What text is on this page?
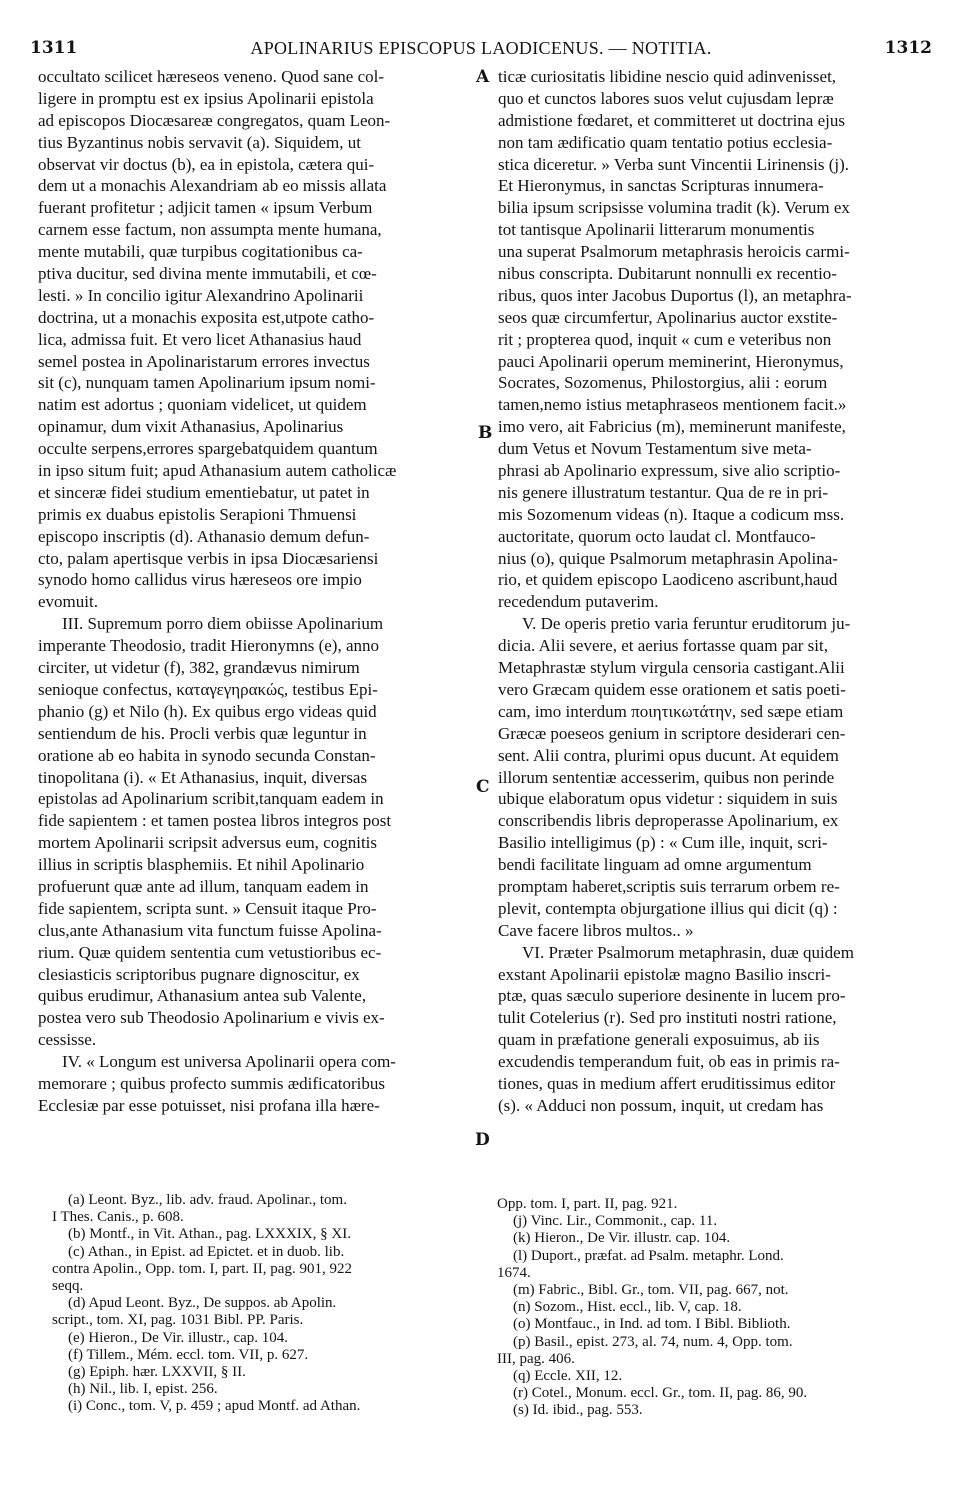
1311	APOLINARIUS EPISCOPUS LAODICENUS. — NOTITIA.	1312
A
B
C
D
occultato scilicet hæreseos veneno. Quod sane col-
ligere in promptu est ex ipsius Apolinarii epistola
ad episcopos Diocæsareæ congregatos, quam Leon-
tius Byzantinus nobis servavit (a). Siquidem, ut
observat vir doctus (b), ea in epistola, cætera qui-
dem ut a monachis Alexandriam ab eo missis allata
fuerant profitetur ; adjicit tamen « ipsum Verbum
carnem esse factum, non assumpta mente humana,
mente mutabili, quæ turpibus cogitationibus ca-
ptiva ducitur, sed divina mente immutabili, et cœ-
lesti. » In concilio igitur Alexandrino Apolinarii
doctrina, ut a monachis exposita est,utpote catho-
lica, admissa fuit. Et vero licet Athanasius haud
semel postea in Apolinaristarum errores invectus
sit (c), nunquam tamen Apolinarium ipsum nomi-
natim est adortus ; quoniam videlicet, ut quidem
opinamur, dum vixit Athanasius, Apolinarius
occulte serpens,errores spargebatquidem quantum
in ipso situm fuit; apud Athanasium autem catholicæ
et sinceræ fidei studium ementiebatur, ut patet in
primis ex duabus epistolis Serapioni Thmuensi
episcopo inscriptis (d). Athanasio demum defun-
cto, palam apertisque verbis in ipsa Diocæsariensi
synodo homo callidus virus hæreseos ore impio
evomuit.
III. Supremum porro diem obiisse Apolinarium
imperante Theodosio, tradit Hieronymns (e), anno
circiter, ut videtur (f), 382, grandævus nimirum
senioque confectus, καταγεγηρακώς, testibus Epi-
phanio (g) et Nilo (h). Ex quibus ergo videas quid
sentiendum de his. Procli verbis quæ leguntur in
oratione ab eo habita in synodo secunda Constan-
tinopolitana (i). « Et Athanasius, inquit, diversas
epistolas ad Apolinarium scribit,tanquam eadem in
fide sapientem : et tamen postea libros integros post
mortem Apolinarii scripsit adversus eum, cognitis
illius in scriptis blasphemiis. Et nihil Apolinario
profuerunt quæ ante ad illum, tanquam eadem in
fide sapientem, scripta sunt. » Censuit itaque Pro-
clus,ante Athanasium vita functum fuisse Apolina-
rium. Quæ quidem sententia cum vetustioribus ec-
clesiasticis scriptoribus pugnare dignoscitur, ex
quibus erudimur, Athanasium antea sub Valente,
postea vero sub Theodosio Apolinarium e vivis ex-
cessisse.
IV. « Longum est universa Apolinarii opera com-
memorare ; quibus profecto summis ædificatoribus
Ecclesiæ par esse potuisset, nisi profana illa hære-
ticæ curiositatis libidine nescio quid adinvenisset,
quo et cunctos labores suos velut cujusdam lepræ
admistione fœdaret, et committeret ut doctrina ejus
non tam ædificatio quam tentatio potius ecclesia-
stica diceretur. » Verba sunt Vincentii Lirinensis (j).
Et Hieronymus, in sanctas Scripturas innumera-
bilia ipsum scripsisse volumina tradit (k). Verum ex
tot tantisque Apolinarii litterarum monumentis
una superat Psalmorum metaphrasis heroicis carmi-
nibus conscripta. Dubitarunt nonnulli ex recentio-
ribus, quos inter Jacobus Duportus (l), an metaphra-
seos quæ circumfertur, Apolinarius auctor exstite-
rit ; propterea quod, inquit « cum e veteribus non
pauci Apolinarii operum meminerint, Hieronymus,
Socrates, Sozomenus, Philostorgius, alii : eorum
tamen,nemo istius metaphraseos mentionem facit.»
imo vero, ait Fabricius (m), meminerunt manifeste,
dum Vetus et Novum Testamentum sive meta-
phrasi ab Apolinario expressum, sive alio scriptio-
nis genere illustratum testantur. Qua de re in pri-
mis Sozomenum videas (n). Itaque a codicum mss.
auctoritate, quorum octo laudat cl. Montfauco-
nius (o), quique Psalmorum metaphrasin Apolina-
rio, et quidem episcopo Laodiceno ascribunt,haud
recedendum putaverim.
V. De operis pretio varia feruntur eruditorum ju-
dicia. Alii severe, et aerius fortasse quam par sit,
Metaphrastæ stylum virgula censoria castigant.Alii
vero Græcam quidem esse orationem et satis poeti-
cam, imo interdum ποιητικωτάτην, sed sæpe etiam
Græcæ poeseos genium in scriptore desiderari cen-
sent. Alii contra, plurimi opus ducunt. At equidem
illorum sententiæ accesserim, quibus non perinde
ubique elaboratum opus videtur : siquidem in suis
conscribendis libris deproperasse Apolinarium, ex
Basilio intelligimus (p) : « Cum ille, inquit, scri-
bendi facilitate linguam ad omne argumentum
promptam haberet,scriptis suis terrarum orbem re-
plevit, contempta objurgatione illius qui dicit (q) :
Cave facere libros multos.. »
VI. Præter Psalmorum metaphrasin, duæ quidem
exstant Apolinarii epistolæ magno Basilio inscri-
ptæ, quas sæculo superiore desinente in lucem pro-
tulit Cotelerius (r). Sed pro instituti nostri ratione,
quam in præfatione generali exposuimus, ab iis
excudendis temperandum fuit, ob eas in primis ra-
tiones, quas in medium affert eruditissimus editor
(s). « Adduci non possum, inquit, ut credam has
(a) Leont. Byz., lib. adv. fraud. Apolinar., tom.
I Thes. Canis., p. 608.
(b) Montf., in Vit. Athan., pag. LXXXIX, § XI.
(c) Athan., in Epist. ad Epictet. et in duob. lib.
contra Apolin., Opp. tom. I, part. II, pag. 901, 922
seqq.
(d) Apud Leont. Byz., De suppos. ab Apolin.
script., tom. XI, pag. 1031 Bibl. PP. Paris.
(e) Hieron., De Vir. illustr., cap. 104.
(f) Tillem., Mém. eccl. tom. VII, p. 627.
(g) Epiph. hær. LXXVII, § II.
(h) Nil., lib. I, epist. 256.
(i) Conc., tom. V, p. 459 ; apud Montf. ad Athan.
Opp. tom. I, part. II, pag. 921.
(j) Vinc. Lir., Commonit., cap. 11.
(k) Hieron., De Vir. illustr. cap. 104.
(l) Duport., præfat. ad Psalm. metaphr. Lond.
1674.
(m) Fabric., Bibl. Gr., tom. VII, pag. 667, not.
(n) Sozom., Hist. eccl., lib. V, cap. 18.
(o) Montfauc., in Ind. ad tom. I Bibl. Biblioth.
(p) Basil., epist. 273, al. 74, num. 4, Opp. tom.
III, pag. 406.
(q) Eccle. XII, 12.
(r) Cotel., Monum. eccl. Gr., tom. II, pag. 86, 90.
(s) Id. ibid., pag. 553.
